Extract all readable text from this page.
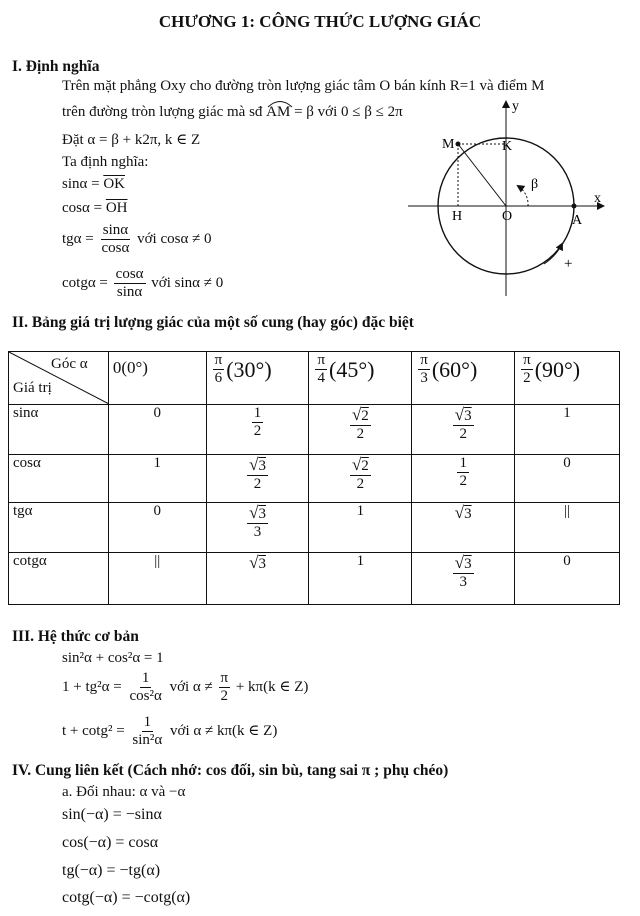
CHƯƠNG 1: CÔNG THỨC LƯỢNG GIÁC
I. Định nghĩa
Trên mặt phẳng Oxy cho đường tròn lượng giác tâm O bán kính R=1 và điểm M
trên đường tròn lượng giác mà sđ AM = β với 0 ≤ β ≤ 2π
Đặt α = β + k2π, k ∈ Z
Ta định nghĩa:
$\sin\alpha = \overline{OK}$
$\cos\alpha = \overline{OH}$
$tg\alpha = \frac{\sin\alpha}{\cos\alpha}$ với cosα ≠ 0
$\cot g\alpha = \frac{\cos\alpha}{\sin\alpha}$ với sinα ≠ 0
y
x
M	K
H	O	A
β
+
II. Bảng giá trị lượng giác của một số cung (hay góc) đặc biệt
Góc α
Giá trị	0(0°)	$\frac{\pi}{6} (30^\circ)$	$\frac{\pi}{4} (45^\circ)$	$\frac{\pi}{3} (60^\circ)$	$\frac{\pi}{2} (90^\circ)$
sinα	0	$\frac{1}{2}$	$\frac{√2}{2}$	$\frac{√3}{2}$	1
cosα	1	$\frac{√3}{2}$	$\frac{√2}{2}$	$\frac{1}{2}$	0
tgα	0	$\frac{√3}{3}$	1	√3	||
cotgα	||	√3	1	$\frac{√3}{3}$	0
III. Hệ thức cơ bản
sin²α + cos²α = 1
$1 + tg^2\alpha = \frac{1}{\text{cos²α}}$ với $\alpha \ne \frac{\pi}{2} + k\pi(k$ ∈ Z)
$t + \cot g^2 = \frac{1}{\text{sin²α}}$ với α ≠ kπ(k ∈ Z)
IV. Cung liên kết (Cách nhớ: cos đối, sin bù, tang sai π ; phụ chéo)
a. Đối nhau: α và −α
sin(−α) = −sinα
cos(−α) = cosα
tg(−α) = −tg(α)
cotg(−α) = −cotg(α)
